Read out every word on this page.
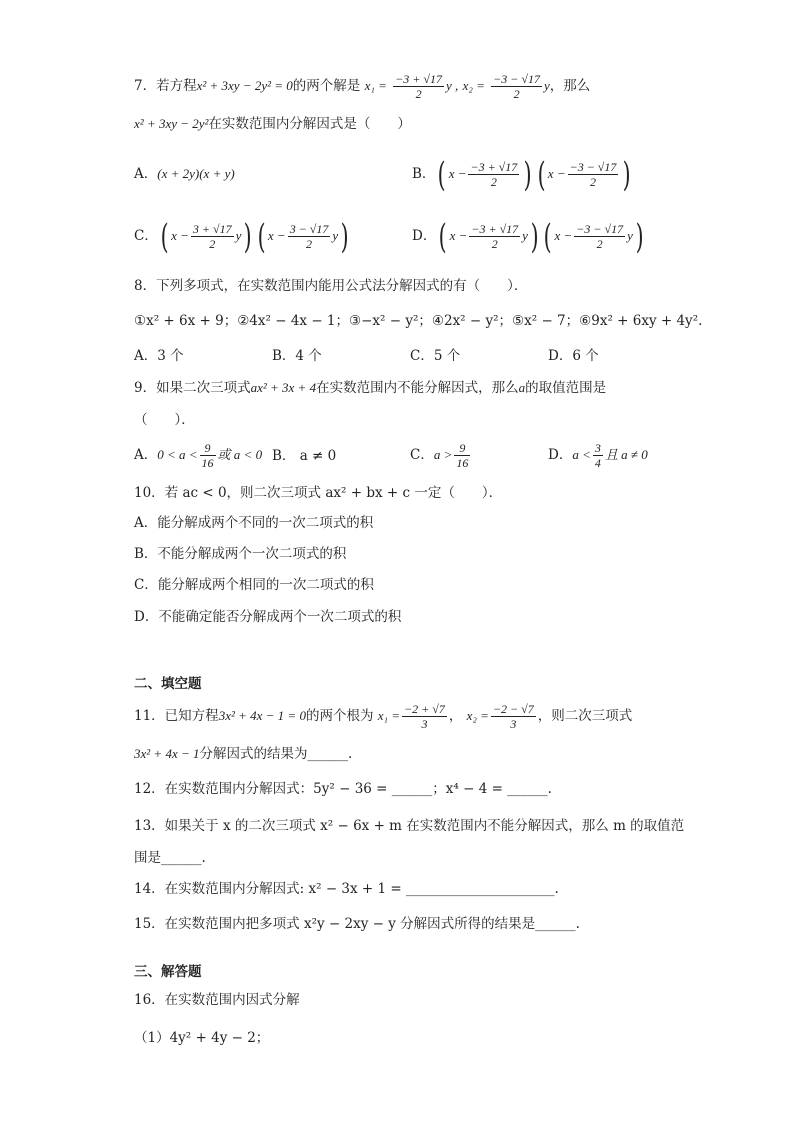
7．若方程x² + 3xy − 2y² = 0的两个解是 $x_1 = \frac{-3 + √17}{2}$ y , $x_2 = \frac{-3 - √17}{2}$ y，那么
x² + 3xy − 2y²在实数范围内分解因式是（　　）
A．(x + 2y)(x + y)	B．( $x - \frac{-3 + √17}{2}$ ) ( $x - \frac{-3 - √17}{2}$ )
C．( $x - \frac{3 + √17}{2} y$) ( $x - \frac{3 - √17}{2} y$)	D．( $x - \frac{-3 + √17}{2} y$) ( $x - \frac{-3 - √17}{2} y$)
8．下列多项式，在实数范围内能用公式法分解因式的有（　　）．
①x² + 6x + 9；②4x² − 4x − 1；③−x² − y²；④2x² − y²；⑤x² − 7；⑥9x² + 6xy + 4y².
A．3 个	B．4 个	C．5 个	D．6 个
9．如果二次三项式ax² + 3x + 4在实数范围内不能分解因式，那么a的取值范围是
（　　）．
A．$0 < a < \frac{9}{16}$ 或 a < 0 B． a ≠ 0	C．$a > \frac{9}{16}$	D．$a < \frac{3}{4}$ 且 a ≠ 0
10．若 ac < 0，则二次三项式 ax² + bx + c 一定（　　）．
A．能分解成两个不同的一次二项式的积
B．不能分解成两个一次二项式的积
C．能分解成两个相同的一次二项式的积
D．不能确定能否分解成两个一次二项式的积
二、填空题
11．已知方程3x² + 4x − 1 = 0的两个根为 $x_1 = \frac{-2 + √7}{3}$ ， $x_2 = \frac{-2 - √7}{3}$ ，则二次三项式
3x² + 4x − 1分解因式的结果为______.
12．在实数范围内分解因式：5y² − 36 = ______；x⁴ − 4 = ______.
13．如果关于 x 的二次三项式 x² − 6x + m 在实数范围内不能分解因式，那么 m 的取值范
围是______.
14．在实数范围内分解因式: x² − 3x + 1 = ______________________.
15．在实数范围内把多项式 x²y − 2xy − y 分解因式所得的结果是______.
三、解答题
16．在实数范围内因式分解
（1）4y² + 4y − 2；
